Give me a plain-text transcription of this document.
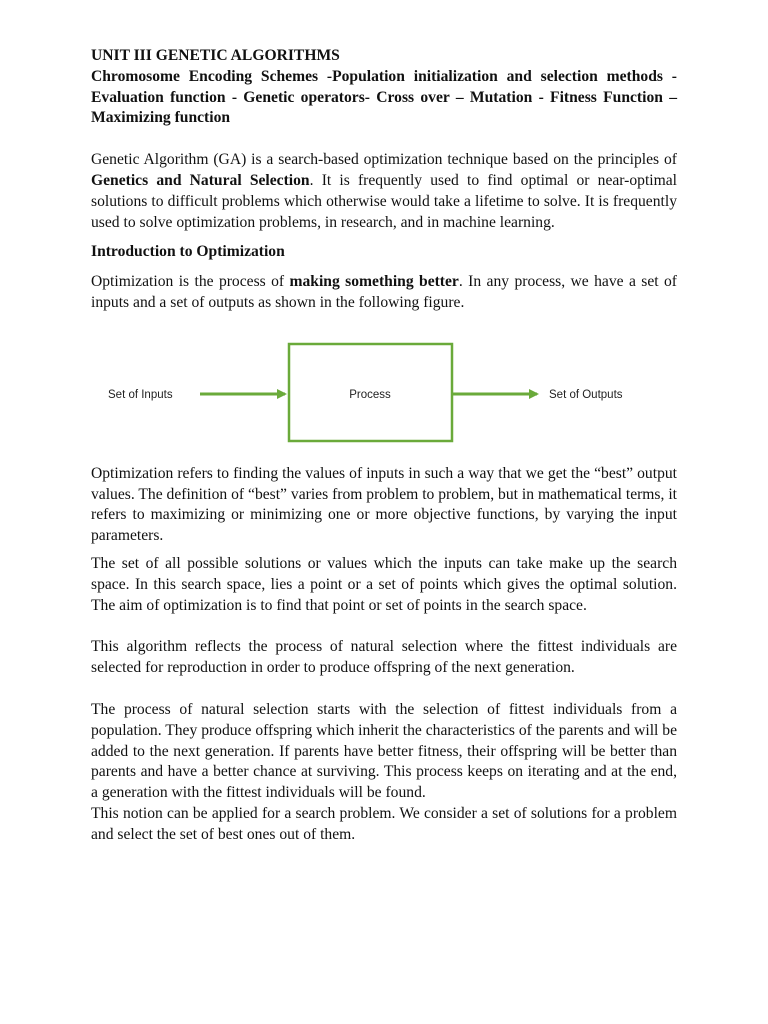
UNIT III GENETIC ALGORITHMS

Chromosome Encoding Schemes -Population initialization and selection methods - Evaluation function - Genetic operators- Cross over – Mutation - Fitness Function – Maximizing function

Genetic Algorithm (GA) is a search-based optimization technique based on the principles of Genetics and Natural Selection. It is frequently used to find optimal or near-optimal solutions to difficult problems which otherwise would take a lifetime to solve. It is frequently used to solve optimization problems, in research, and in machine learning.

Introduction to Optimization

Optimization is the process of making something better. In any process, we have a set of inputs and a set of outputs as shown in the following figure.

Set of Inputs	Process	Set of Outputs

Optimization refers to finding the values of inputs in such a way that we get the “best” output values. The definition of “best” varies from problem to problem, but in mathematical terms, it refers to maximizing or minimizing one or more objective functions, by varying the input parameters.

The set of all possible solutions or values which the inputs can take make up the search space. In this search space, lies a point or a set of points which gives the optimal solution. The aim of optimization is to find that point or set of points in the search space.

This algorithm reflects the process of natural selection where the fittest individuals are selected for reproduction in order to produce offspring of the next generation.

The process of natural selection starts with the selection of fittest individuals from a population. They produce offspring which inherit the characteristics of the parents and will be added to the next generation. If parents have better fitness, their offspring will be better than parents and have a better chance at surviving. This process keeps on iterating and at the end, a generation with the fittest individuals will be found.

This notion can be applied for a search problem. We consider a set of solutions for a problem and select the set of best ones out of them.
